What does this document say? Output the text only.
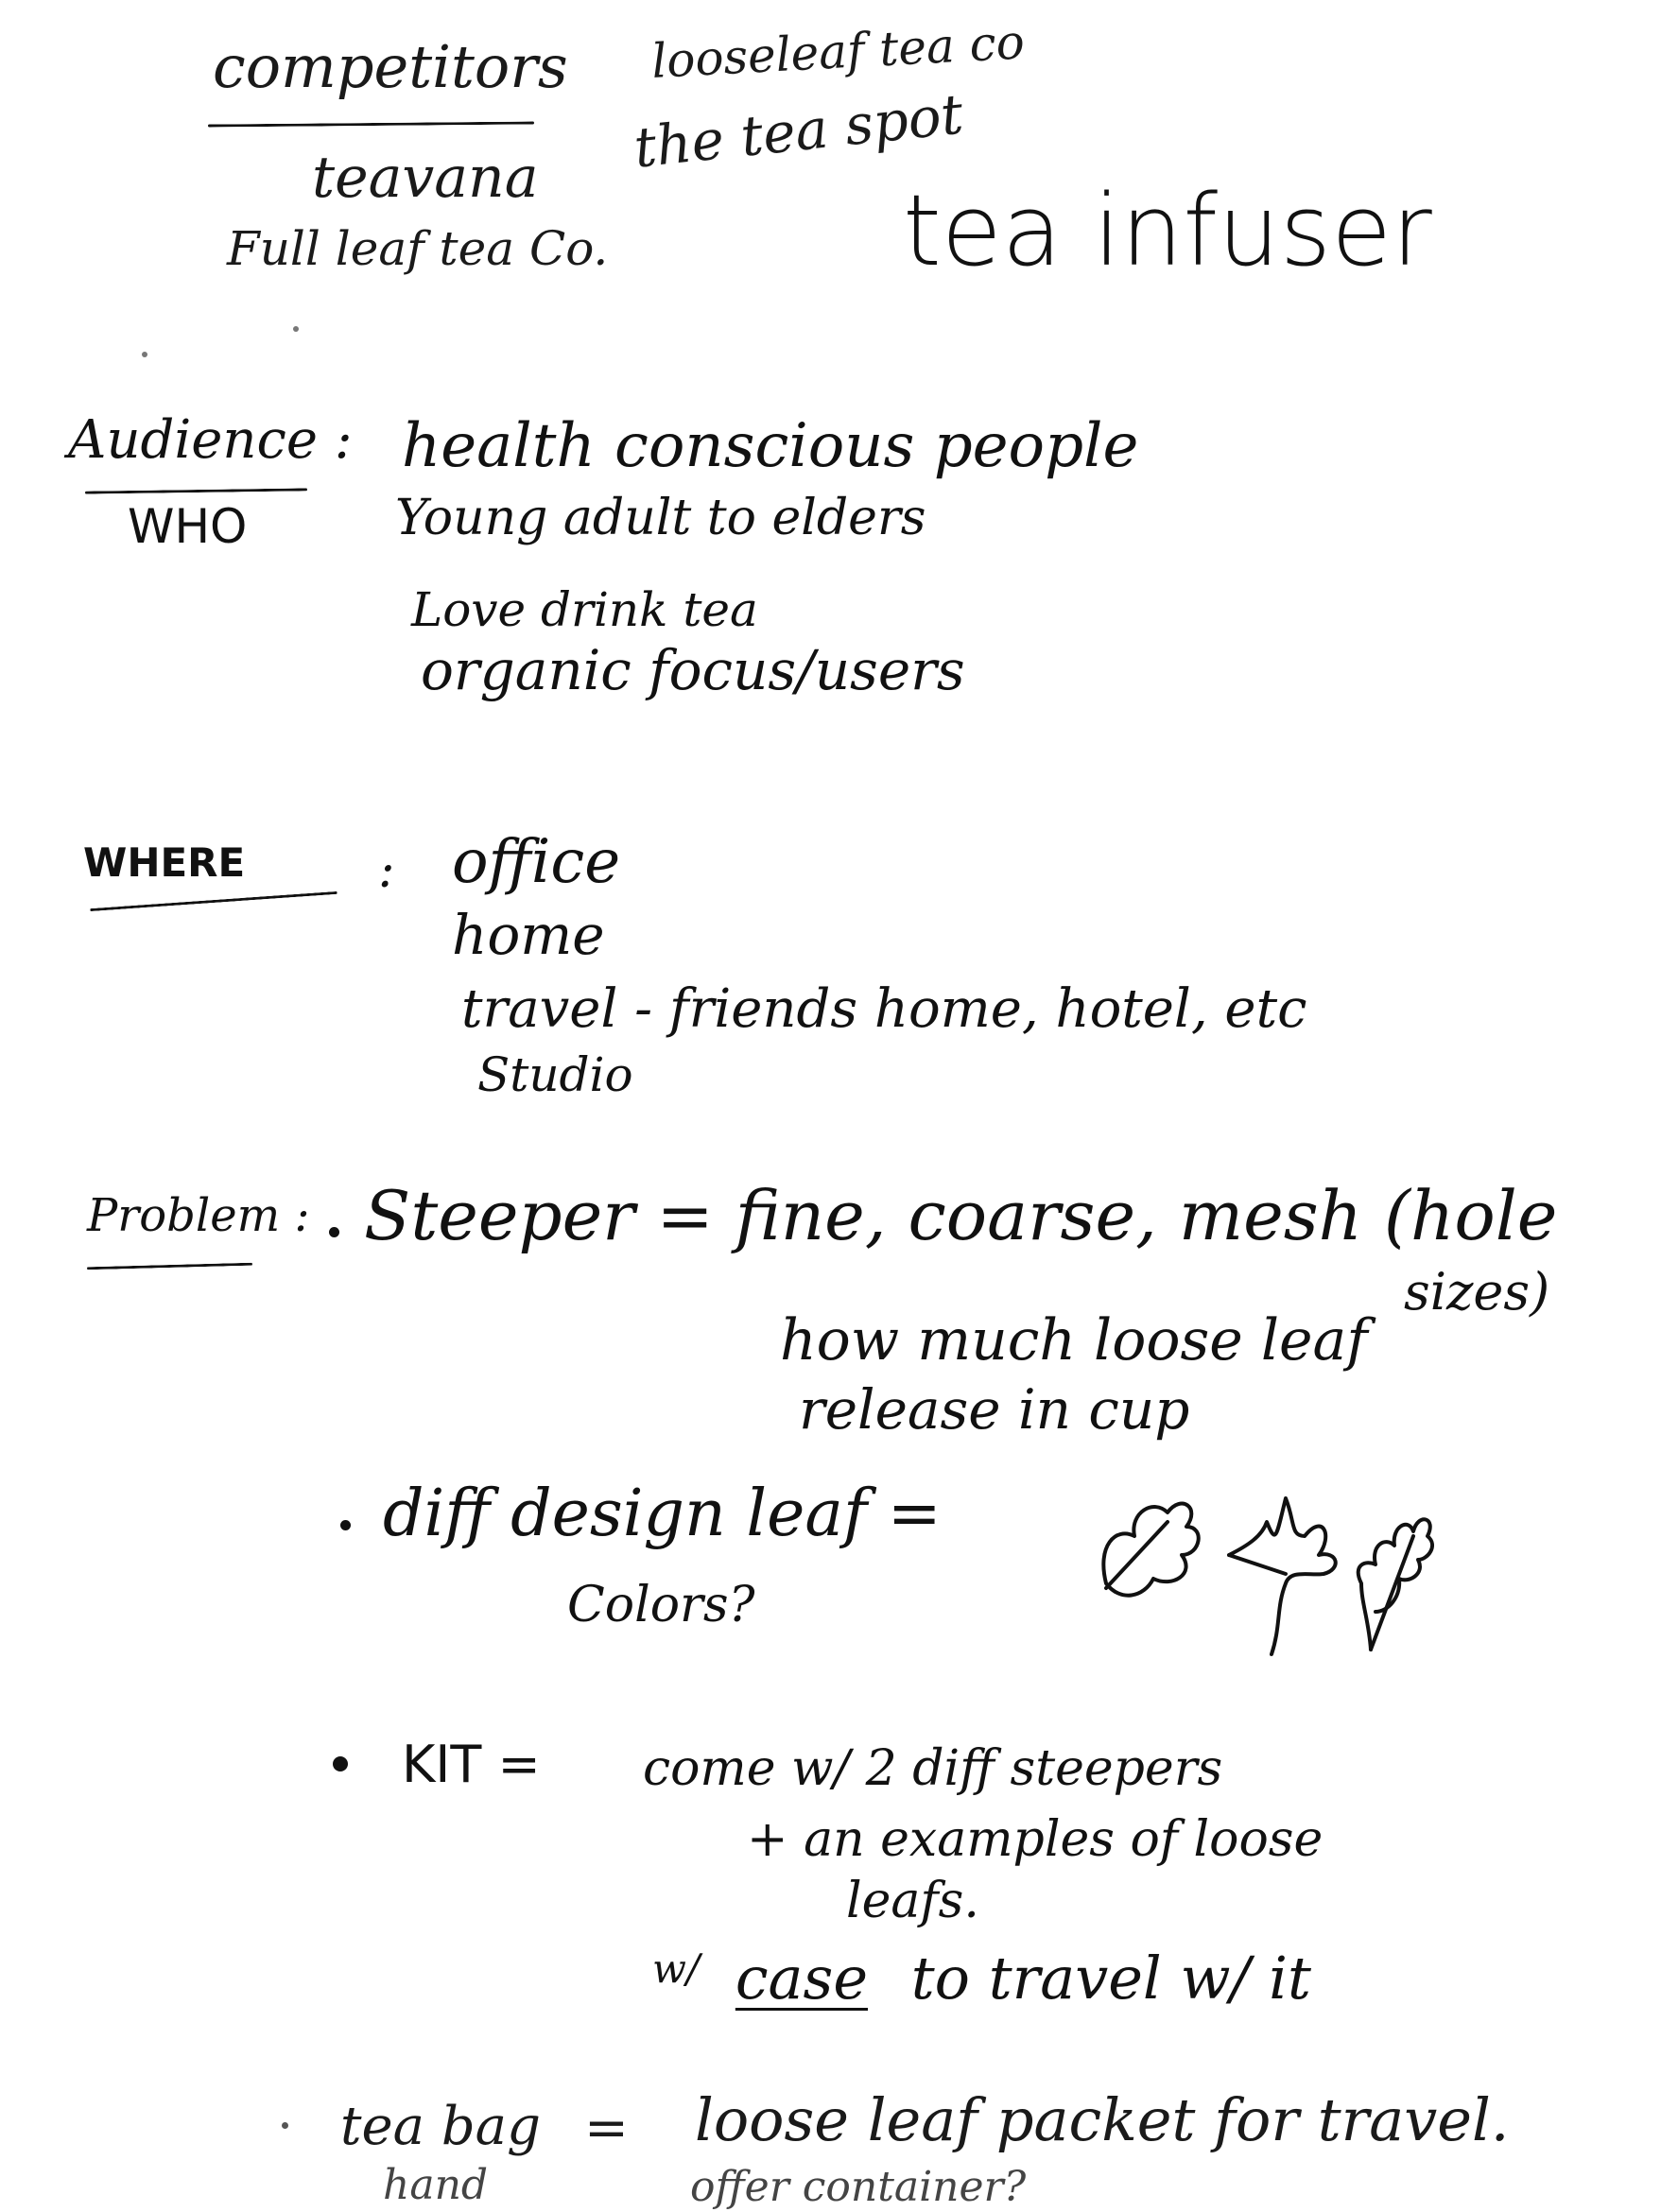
competitors
teavana
Full leaf tea Co.
looseleaf tea co
the tea spot
tea infuser
Audience :
WHO
health conscious people
Young adult to elders
Love drink tea
organic focus/users
WHERE	: office
home
travel - friends home, hotel, etc
Studio
Problem : Steeper = fine, coarse, mesh (hole
sizes)
how much loose leaf
release in cup
diff design leaf =
Colors?
KIT = come w/ 2 diff steepers
+ an examples of loose
leafs.
$^{w/}$ case to travel w/ it
tea bag = loose leaf packet for travel.
hand	offer container?
